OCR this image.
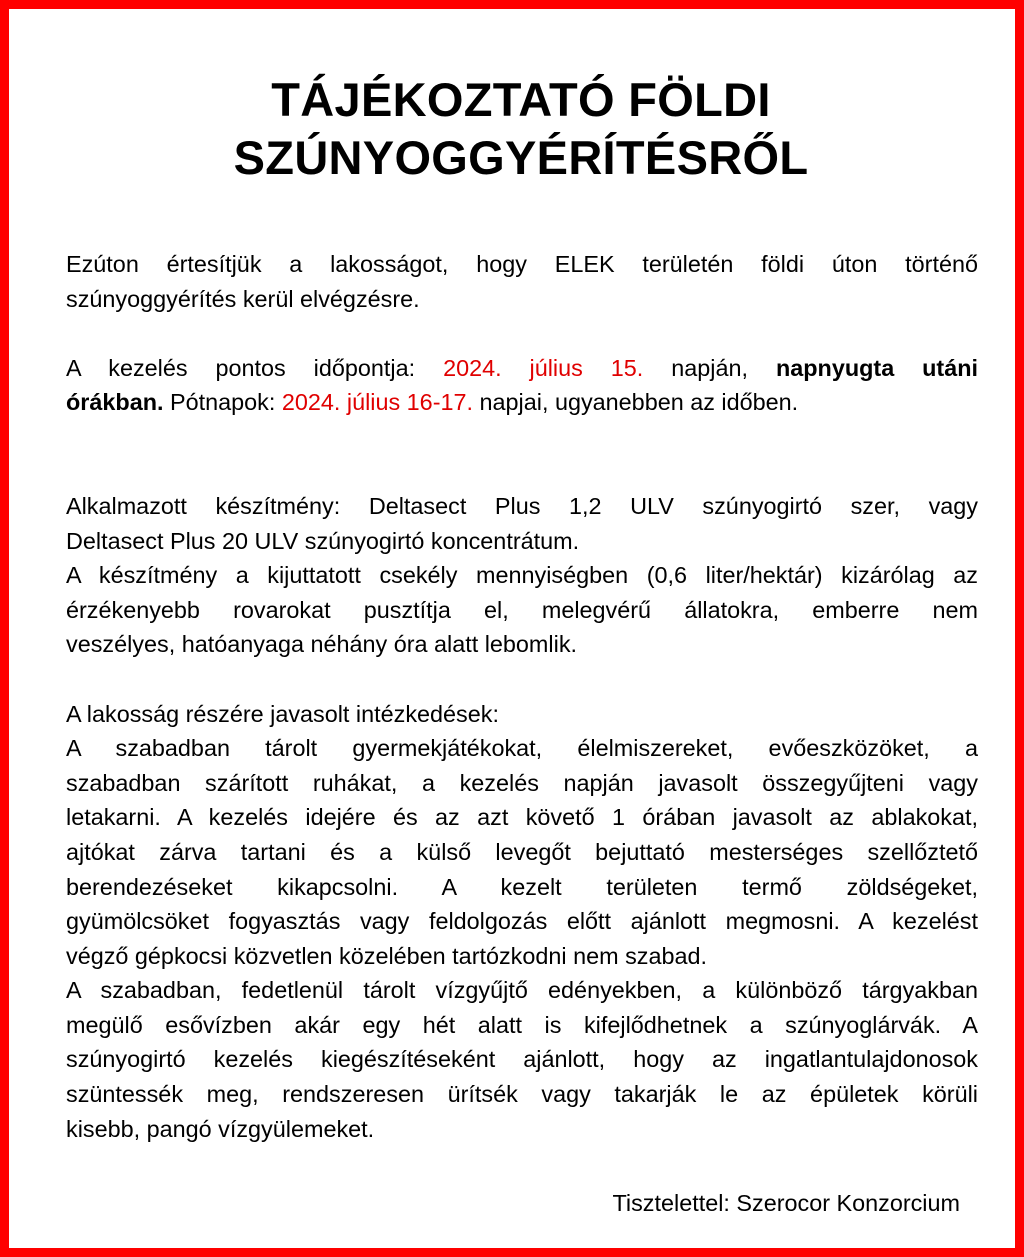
TÁJÉKOZTATÓ FÖLDI
SZÚNYOGGYÉRÍTÉSRŐL
Ezúton értesítjük a lakosságot, hogy ELEK területén földi úton történő
szúnyoggyérítés kerül elvégzésre.
A kezelés pontos időpontja: 2024. július 15. napján, napnyugta utáni
órákban. Pótnapok: 2024. július 16-17. napjai, ugyanebben az időben.
Alkalmazott készítmény: Deltasect Plus 1,2 ULV szúnyogirtó szer, vagy
Deltasect Plus 20 ULV szúnyogirtó koncentrátum.
A készítmény a kijuttatott csekély mennyiségben (0,6 liter/hektár) kizárólag az
érzékenyebb rovarokat pusztítja el, melegvérű állatokra, emberre nem
veszélyes, hatóanyaga néhány óra alatt lebomlik.
A lakosság részére javasolt intézkedések:
A szabadban tárolt gyermekjátékokat, élelmiszereket, evőeszközöket, a
szabadban szárított ruhákat, a kezelés napján javasolt összegyűjteni vagy
letakarni. A kezelés idejére és az azt követő 1 órában javasolt az ablakokat,
ajtókat zárva tartani és a külső levegőt bejuttató mesterséges szellőztető
berendezéseket kikapcsolni. A kezelt területen termő zöldségeket,
gyümölcsöket fogyasztás vagy feldolgozás előtt ajánlott megmosni. A kezelést
végző gépkocsi közvetlen közelében tartózkodni nem szabad.
A szabadban, fedetlenül tárolt vízgyűjtő edényekben, a különböző tárgyakban
megülő esővízben akár egy hét alatt is kifejlődhetnek a szúnyoglárvák. A
szúnyogirtó kezelés kiegészítéseként ajánlott, hogy az ingatlantulajdonosok
szüntessék meg, rendszeresen ürítsék vagy takarják le az épületek körüli
kisebb, pangó vízgyülemeket.
Tisztelettel: Szerocor Konzorcium
